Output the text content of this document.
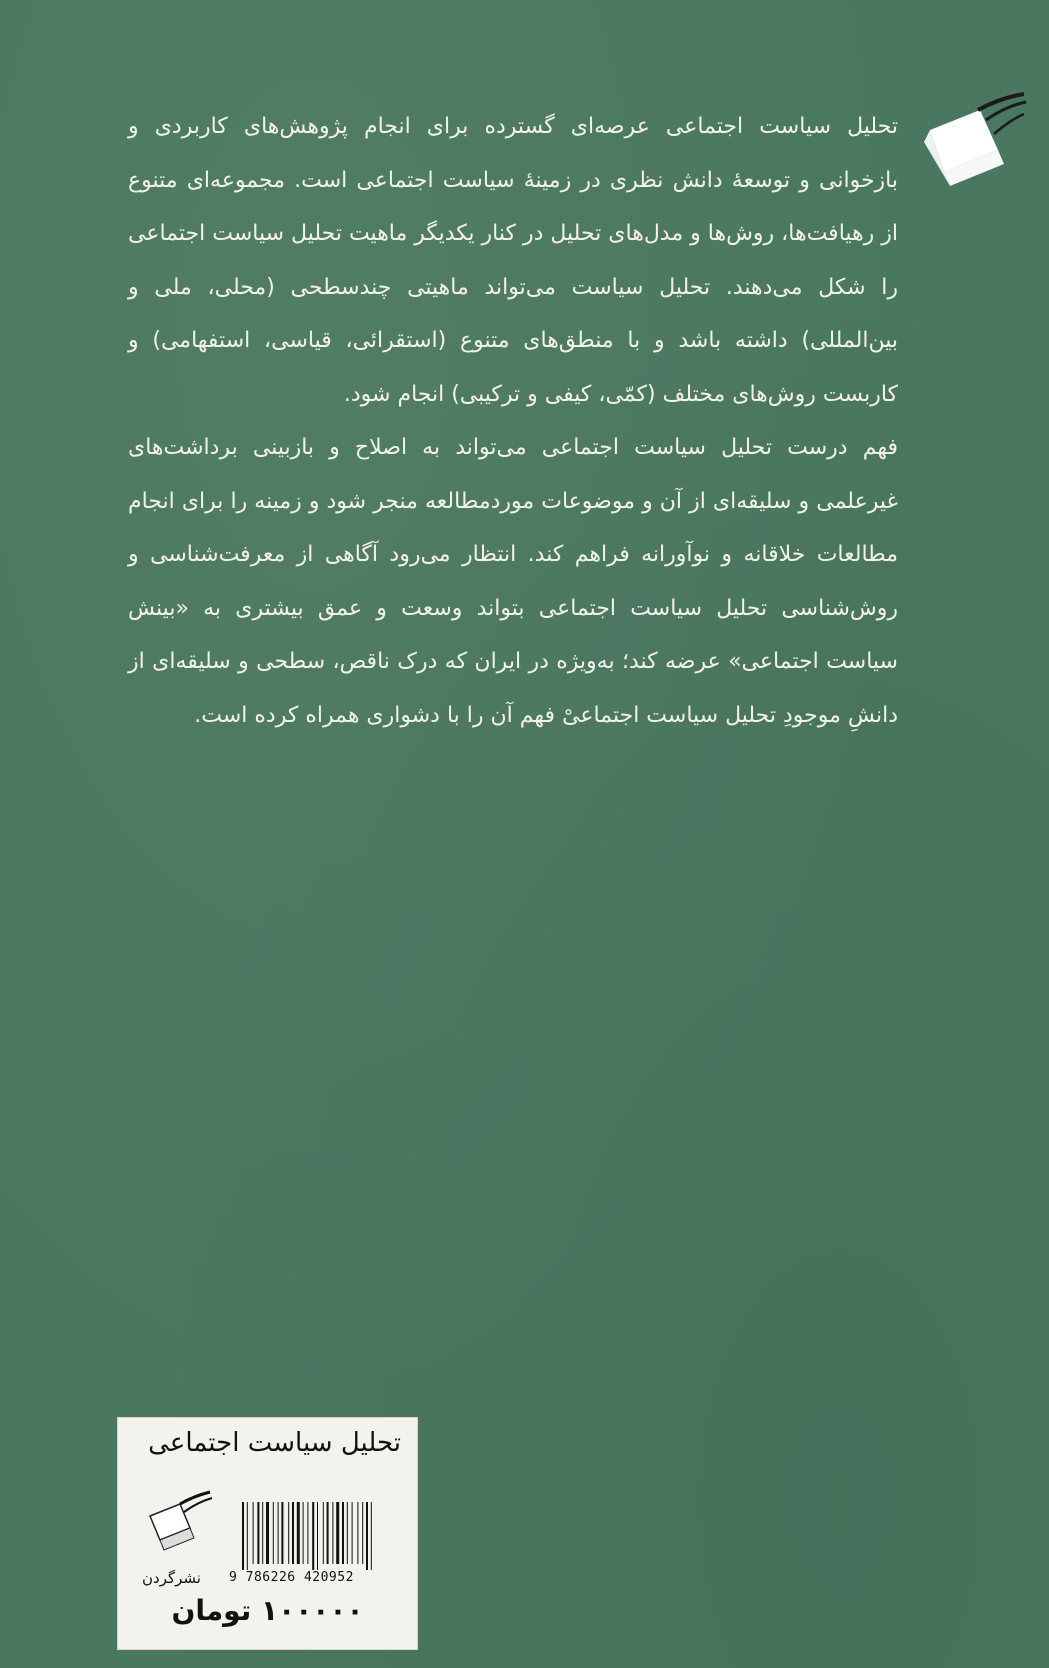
تحلیل سیاست اجتماعی عرصه‌ای گسترده برای انجام پژوهش‌های کاربردی و بازخوانی و توسعهٔ دانش نظری در زمینهٔ سیاست اجتماعی است. مجموعه‌ای متنوع از رهیافت‌ها، روش‌ها و مدل‌های تحلیل در کنار یکدیگر ماهیت تحلیل سیاست اجتماعی را شکل می‌دهند. تحلیل سیاست می‌تواند ماهیتی چندسطحی (محلی، ملی و بین‌المللی) داشته باشد و با منطق‌های متنوع (استقرائی، قیاسی، استفهامی) و کاربست روش‌های مختلف (کمّی، کیفی و ترکیبی) انجام شود.

فهم درست تحلیل سیاست اجتماعی می‌تواند به اصلاح و بازبینی برداشت‌های غیرعلمی و سلیقه‌ای از آن و موضوعات موردمطالعه منجر شود و زمینه را برای انجام مطالعات خلاقانه و نوآورانه فراهم کند. انتظار می‌رود آگاهی از معرفت‌شناسی و روش‌شناسی تحلیل سیاست اجتماعی بتواند وسعت و عمق بیشتری به «بینش سیاست اجتماعی» عرضه کند؛ به‌ویژه در ایران که درک ناقص، سطحی و سلیقه‌ای از دانشِ موجودِ تحلیل سیاست اجتماعیْ فهم آن را با دشواری همراه کرده است.

تحلیل سیاست اجتماعی
9 786226 420952
نشرگردن
۱۰۰۰۰۰ تومان
